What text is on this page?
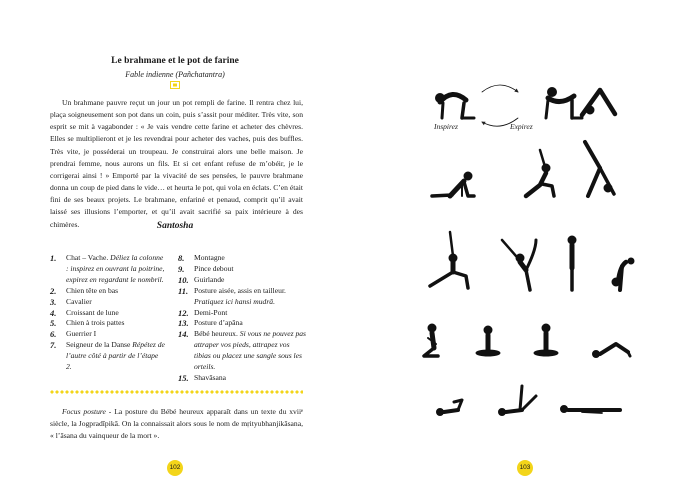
Le brahmane et le pot de farine
Fable indienne (Pañchatantra)

Un brahmane pauvre reçut un jour un pot rempli de farine. Il rentra chez lui, plaça soigneusement son pot dans un coin, puis s’assit pour méditer. Très vite, son esprit se mit à vagabonder : « Je vais vendre cette farine et acheter des chèvres. Elles se multiplieront et je les revendrai pour acheter des vaches, puis des buffles. Très vite, je posséderai un troupeau. Je construirai alors une belle maison. Je prendrai femme, nous aurons un fils. Et si cet enfant refuse de m’obéir, je le corrigerai ainsi ! » Emporté par la vivacité de ses pensées, le pauvre brahmane donna un coup de pied dans le vide… et heurta le pot, qui vola en éclats. C’en était fini de ses beaux projets. Le brahmane, enfariné et penaud, comprit qu’il avait laissé ses illusions l’emporter, et qu’il avait sacrifié sa paix intérieure à des chimères.	Santosha
1.	Chat – Vache. Déliez la colonne : inspirez en ouvrant la poitrine, expirez en regardant le nombril.
2.	Chien tête en bas
3.	Cavalier
4.	Croissant de lune
5.	Chien à trois pattes
6.	Guerrier I
7.	Seigneur de la Danse Répétez de l’autre côté à partir de l’étape 2.
8.	Montagne
9.	Pince debout
10. Guirlande
11. Posture aisée, assis en tailleur. Pratiquez ici hansi mudrā.
12. Demi-Pont
13. Posture d’apāna
14. Bébé heureux. Si vous ne pouvez pas attraper vos pieds, attrapez vos tibias ou placez une sangle sous les orteils.
15. Shavāsana

Focus posture - La posture du Bébé heureux apparaît dans un texte du xviiᵉ siècle, la Jogpradīpikā. On la connaissait alors sous le nom de mṛityubhanjikāsana, « l’āsana du vainqueur de la mort ».

102
Inspirez	Expirez
103
